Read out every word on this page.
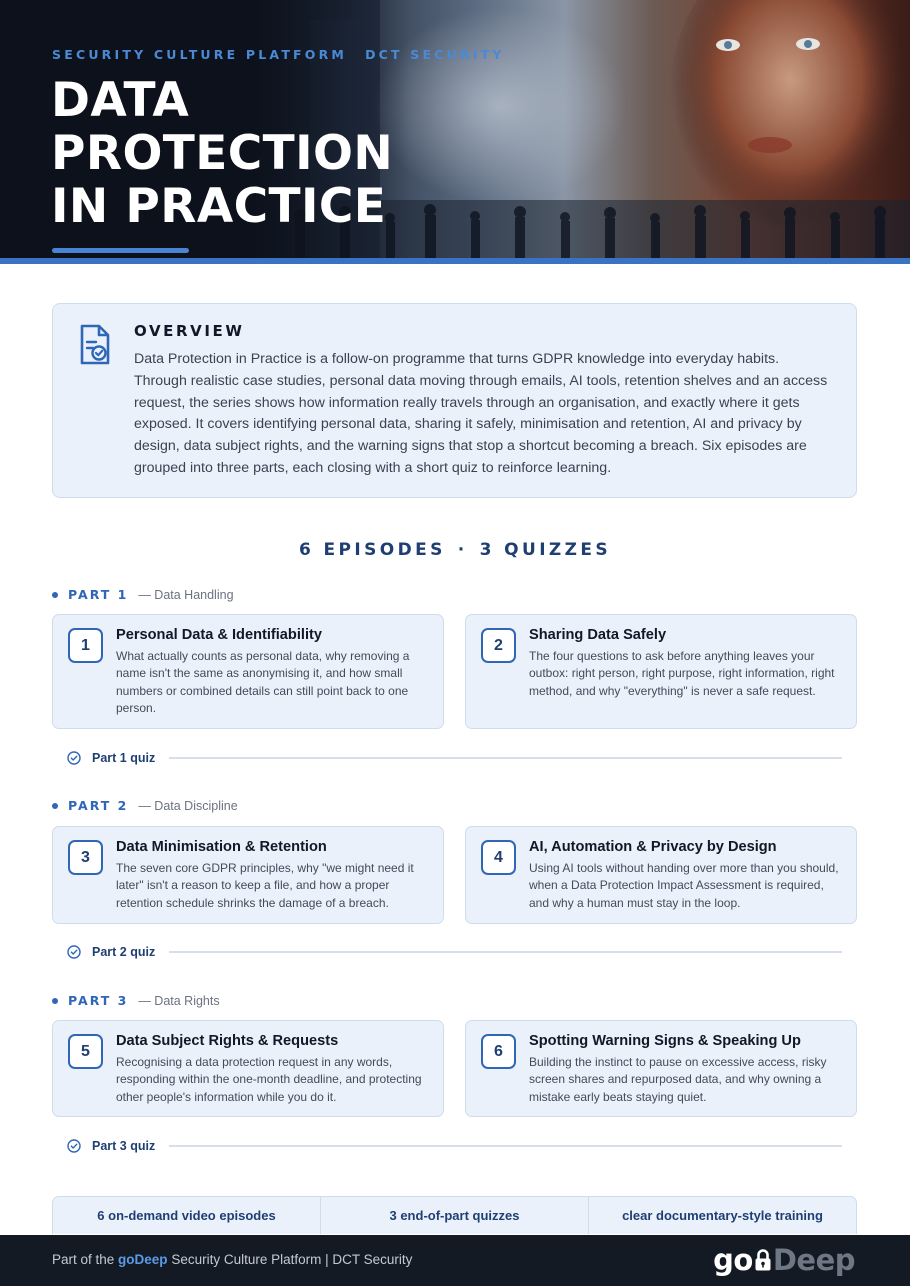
SECURITY CULTURE PLATFORM DCT SECURITY
DATA
PROTECTION
IN PRACTICE
OVERVIEW
Data Protection in Practice is a follow-on programme that turns GDPR knowledge into everyday habits. Through realistic case studies, personal data moving through emails, AI tools, retention shelves and an access request, the series shows how information really travels through an organisation, and exactly where it gets exposed. It covers identifying personal data, sharing it safely, minimisation and retention, AI and privacy by design, data subject rights, and the warning signs that stop a shortcut becoming a breach. Six episodes are grouped into three parts, each closing with a short quiz to reinforce learning.
6 EPISODES · 3 QUIZZES
PART 1 — Data Handling
1
Personal Data & Identifiability
What actually counts as personal data, why removing a name isn't the same as anonymising it, and how small numbers or combined details can still point back to one person.
2
Sharing Data Safely
The four questions to ask before anything leaves your outbox: right person, right purpose, right information, right method, and why "everything" is never a safe request.
Part 1 quiz
PART 2 — Data Discipline
3
Data Minimisation & Retention
The seven core GDPR principles, why "we might need it later" isn't a reason to keep a file, and how a proper retention schedule shrinks the damage of a breach.
4
AI, Automation & Privacy by Design
Using AI tools without handing over more than you should, when a Data Protection Impact Assessment is required, and why a human must stay in the loop.
Part 2 quiz
PART 3 — Data Rights
5
Data Subject Rights & Requests
Recognising a data protection request in any words, responding within the one-month deadline, and protecting other people's information while you do it.
6
Spotting Warning Signs & Speaking Up
Building the instinct to pause on excessive access, risky screen shares and repurposed data, and why owning a mistake early beats staying quiet.
Part 3 quiz
6 on-demand video episodes	3 end-of-part quizzes	clear documentary-style training
Part of the goDeep Security Culture Platform | DCT Security	go Deep
